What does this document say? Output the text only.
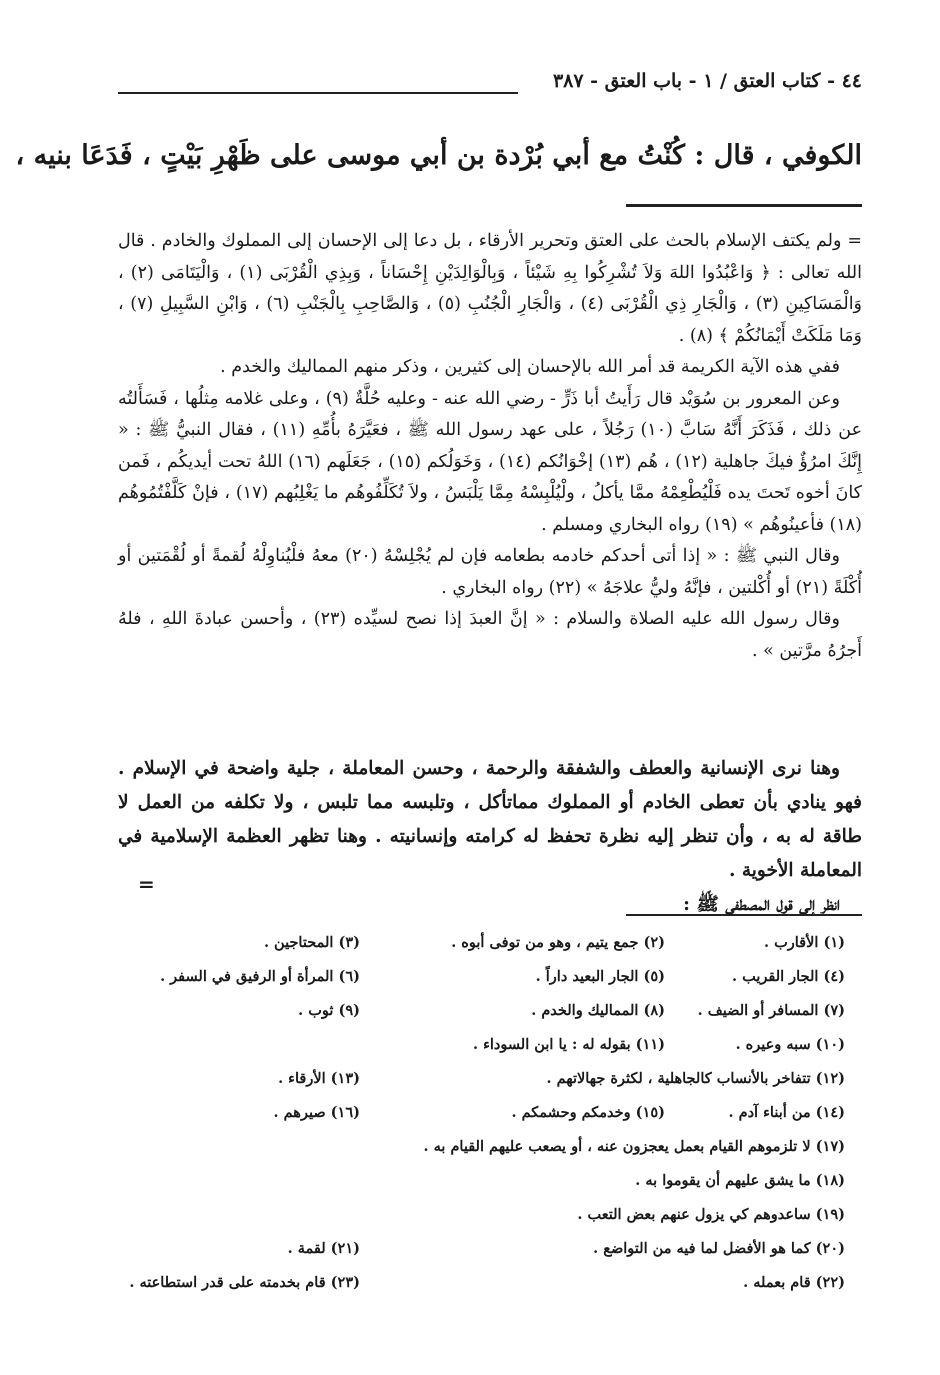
٤٤ - كتاب العتق / ١ - باب العتق - ٣٨٧
الكوفي ، قال : كُنْتُ مع أبي بُرْدة بن أبي موسى على ظَهْرِ بَيْتٍ ، فَدَعَا بنيه ،

= ولم يكتف الإسلام بالحث على العتق وتحرير الأرقاء ، بل دعا إلى الإحسان إلى المملوك والخادم . قال الله تعالى : ﴿ وَاعْبُدُوا اللهَ وَلاَ تُشْرِكُوا بِهِ شَيْئاً ، وَبِالْوَالِدَيْنِ إِحْسَاناً ، وَبِذِي الْقُرْبَى (١) ، وَالْيَتَامَى (٢) ، وَالْمَسَاكِينِ (٣) ، وَالْجَارِ ذِي الْقُرْبَى (٤) ، وَالْجَارِ الْجُنُبِ (٥) ، وَالصَّاحِبِ بِالْجَنْبِ (٦) ، وَابْنِ السَّبِيلِ (٧) ، وَمَا مَلَكَتْ أَيْمَانُكُمْ ﴾ (٨) .

ففي هذه الآية الكريمة قد أمر الله بالإحسان إلى كثيرين ، وذكر منهم المماليك والخدم .

وعن المعرور بن سُوَيْد قال رَأَيتُ أبا ذَرٍّ - رضي الله عنه - وعليه حُلَّةٌ (٩) ، وعلى غلامه مِثلُها ، فَسَأَلتُه عن ذلك ، فَذَكَرَ أَنَّهُ سَابَّ (١٠) رَجُلاً ، على عهد رسول الله ﷺ ، فعَيَّرَهُ بأُمِّهِ (١١) ، فقال النبيُّ ﷺ : « إِنَّكَ امرُؤٌ فيكَ جاهلية (١٢) ، هُم (١٣) إخْوَانُكم (١٤) ، وَخَوَلُكم (١٥) ، جَعَلَهم (١٦) اللهُ تحت أيديكُم ، فَمن كانَ أخوه تَحتَ يده فَلْيُطْعِمْهُ ممَّا يأكلُ ، ولْيُلْبِسْهُ مِمَّا يَلْبَسُ ، ولاَ تُكَلِّفُوهُم ما يَغْلِبُهم (١٧) ، فإنْ كَلَّفْتُمُوهُم (١٨) فأعينُوهُم » (١٩) رواه البخاري ومسلم .

وقال النبي ﷺ : « إذا أتى أحدكم خادمه بطعامه فإن لم يُجْلِسْهُ (٢٠) معهُ فلْيُناوِلْهُ لُقمةً أو لُقْمَتين أو أُكْلَةً (٢١) أو أُكْلتين ، فإنَّهُ وليُّ علاجَهُ » (٢٢) رواه البخاري .

وقال رسول الله عليه الصلاة والسلام : « إنَّ العبدَ إذا نصح لسيِّده (٢٣) ، وأحسن عبادةَ اللهِ ، فلهُ أَجرُهُ مرَّتين » .

وهنا نرى الإنسانية والعطف والشفقة والرحمة ، وحسن المعاملة ، جلية واضحة في الإسلام . فهو ينادي بأن تعطى الخادم أو المملوك مماتأكل ، وتلبسه مما تلبس ، ولا تكلفه من العمل لا طاقة له به ، وأن تنظر إليه نظرة تحفظ له كرامته وإنسانيته . وهنا تظهر العظمة الإسلامية في المعاملة الأخوية .

انظر إلى قول المصطفى ﷺ :

=
(١) الأقارب .
(٢) جمع يتيم ، وهو من توفى أبوه .
(٣) المحتاجين .
(٤) الجار القريب .
(٥) الجار البعيد داراً .
(٦) المرأة أو الرفيق في السفر .
(٧) المسافر أو الضيف .
(٨) المماليك والخدم .
(٩) ثوب .
(١٠) سبه وعيره .
(١١) بقوله له : يا ابن السوداء .
(١٢) تتفاخر بالأنساب كالجاهلية ، لكثرة جهالاتهم .
(١٣) الأرقاء .
(١٤) من أبناء آدم .
(١٥) وخدمكم وحشمكم .
(١٦) صيرهم .
(١٧) لا تلزموهم القيام بعمل يعجزون عنه ، أو يصعب عليهم القيام به .
(١٨) ما يشق عليهم أن يقوموا به .
(١٩) ساعدوهم كي يزول عنهم بعض التعب .
(٢٠) كما هو الأفضل لما فيه من التواضع .
(٢١) لقمة .
(٢٢) قام بعمله .
(٢٣) قام بخدمته على قدر استطاعته .
